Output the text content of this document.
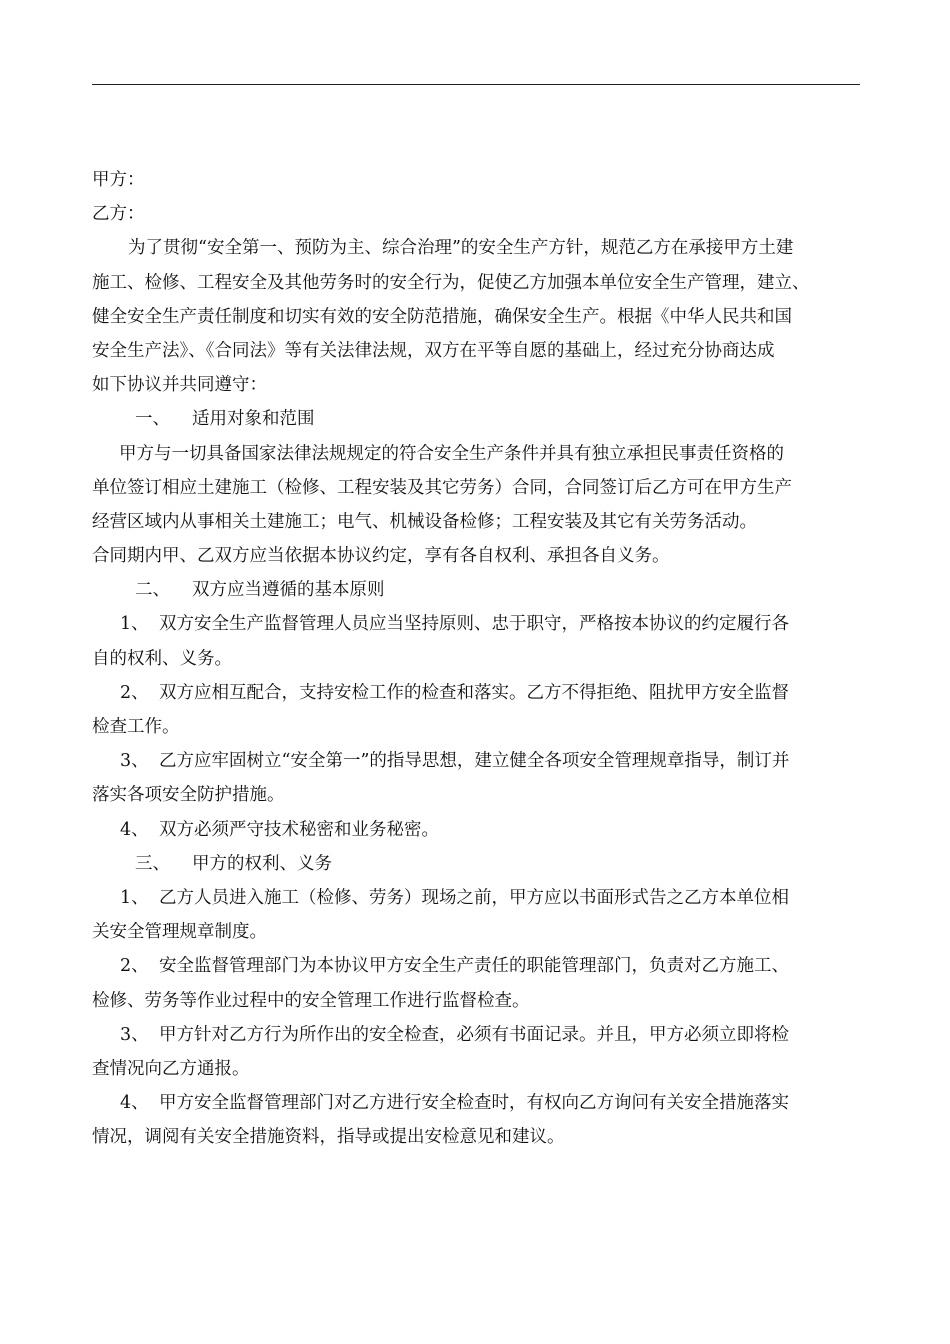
甲方：
乙方：
为了贯彻“安全第一、预防为主、综合治理”的安全生产方针，规范乙方在承接甲方土建
施工、检修、工程安全及其他劳务时的安全行为，促使乙方加强本单位安全生产管理，建立、
健全安全生产责任制度和切实有效的安全防范措施，确保安全生产。根据《中华人民共和国
安全生产法》、《合同法》等有关法律法规，双方在平等自愿的基础上，经过充分协商达成
如下协议并共同遵守：
一、 适用对象和范围
甲方与一切具备国家法律法规规定的符合安全生产条件并具有独立承担民事责任资格的
单位签订相应土建施工（检修、工程安装及其它劳务）合同，合同签订后乙方可在甲方生产
经营区域内从事相关土建施工；电气、机械设备检修；工程安装及其它有关劳务活动。
合同期内甲、乙双方应当依据本协议约定，享有各自权利、承担各自义务。
二、 双方应当遵循的基本原则
1、 双方安全生产监督管理人员应当坚持原则、忠于职守，严格按本协议的约定履行各
自的权利、义务。
2、 双方应相互配合，支持安检工作的检查和落实。乙方不得拒绝、阻扰甲方安全监督
检查工作。
3、 乙方应牢固树立“安全第一”的指导思想，建立健全各项安全管理规章指导，制订并
落实各项安全防护措施。
4、 双方必须严守技术秘密和业务秘密。
三、 甲方的权利、义务
1、 乙方人员进入施工（检修、劳务）现场之前，甲方应以书面形式告之乙方本单位相
关安全管理规章制度。
2、 安全监督管理部门为本协议甲方安全生产责任的职能管理部门，负责对乙方施工、
检修、劳务等作业过程中的安全管理工作进行监督检查。
3、 甲方针对乙方行为所作出的安全检查，必须有书面记录。并且，甲方必须立即将检
查情况向乙方通报。
4、 甲方安全监督管理部门对乙方进行安全检查时，有权向乙方询问有关安全措施落实
情况，调阅有关安全措施资料，指导或提出安检意见和建议。
